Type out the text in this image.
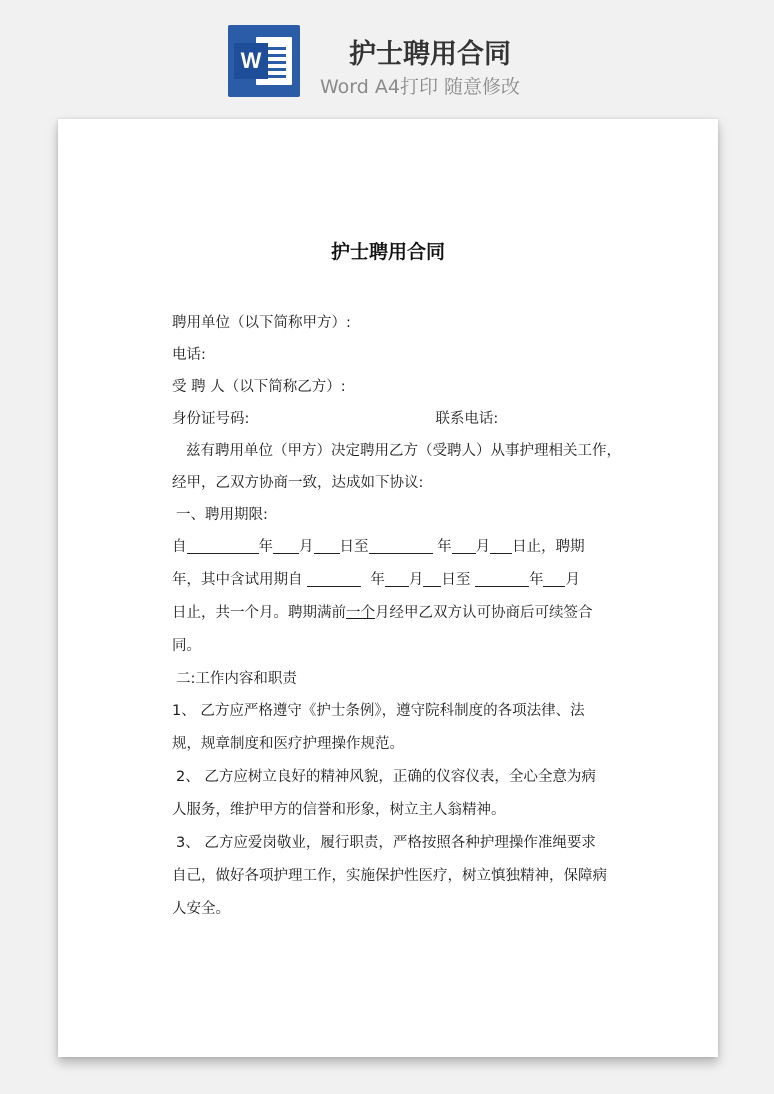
W	护士聘用合同
Word A4打印 随意修改
护士聘用合同
聘用单位（以下简称甲方）:
电话:
受 聘 人（以下简称乙方）:
身份证号码:	联系电话:
兹有聘用单位（甲方）决定聘用乙方（受聘人）从事护理相关工作，
经甲，乙双方协商一致，达成如下协议:
一、聘用期限:
自	年 月 日至	年 月 日止，聘期
年，其中含试用期自	年 月 日至	年 月
日止，共一个月。聘期满前一个月经甲乙双方认可协商后可续签合
同。
二:工作内容和职责
1、 乙方应严格遵守《护士条例》，遵守院科制度的各项法律、法
规，规章制度和医疗护理操作规范。
2、 乙方应树立良好的精神风貌，正确的仪容仪表，全心全意为病
人服务，维护甲方的信誉和形象，树立主人翁精神。
3、 乙方应爱岗敬业，履行职责，严格按照各种护理操作准绳要求
自己，做好各项护理工作，实施保护性医疗，树立慎独精神，保障病
人安全。
